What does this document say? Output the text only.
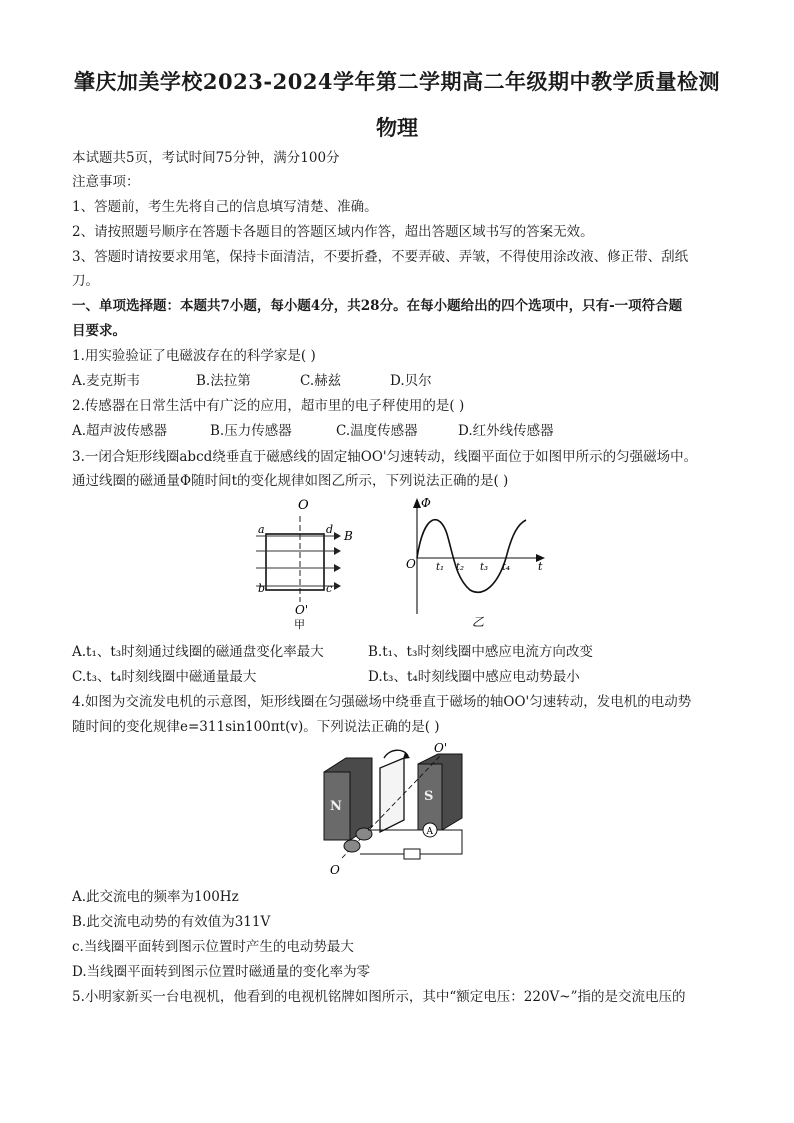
肇庆加美学校2023-2024学年第二学期高二年级期中教学质量检测
物理
本试题共5页，考试时间75分钟，满分100分
注意事项：
1、答题前，考生先将自己的信息填写清楚、准确。
2、请按照题号顺序在答题卡各题目的答题区域内作答，超出答题区域书写的答案无效。
3、答题时请按要求用笔，保持卡面清洁，不要折叠，不要弄破、弄皱，不得使用涂改液、修正带、刮纸
刀。
一、单项选择题：本题共7小题，每小题4分，共28分。在每小题给出的四个选项中，只有-一项符合题
目要求。
1.用实验验证了电磁波存在的科学家是( )
A.麦克斯韦	B.法拉第	C.赫兹	D.贝尔
2.传感器在日常生活中有广泛的应用，超市里的电子秤使用的是( )
A.超声波传感器	B.压力传感器	C.温度传感器	D.红外线传感器
3.一闭合矩形线圈abcd绕垂直于磁感线的固定轴OO'匀速转动，线圈平面位于如图甲所示的匀强磁场中。
通过线圈的磁通量Φ随时间t的变化规律如图乙所示，下列说法正确的是( )
O
B
a	d
b	c
O'
甲
Φ
t
O t₁ t₂ t₃ t₄
乙
A.t₁、t₃时刻通过线圈的磁通盘变化率最大	B.t₁、t₃时刻线圈中感应电流方向改变
C.t₃、t₄时刻线圈中磁通量最大	D.t₃、t₄时刻线圈中感应电动势最小
4.如图为交流发电机的示意图，矩形线圈在匀强磁场中绕垂直于磁场的轴OO'匀速转动，发电机的电动势
随时间的变化规律e=311sin100πt(v)。下列说法正确的是( )
N
S
O'
O
A
A.此交流电的频率为100Hz
B.此交流电动势的有效值为311V
c.当线圈平面转到图示位置时产生的电动势最大
D.当线圈平面转到图示位置时磁通量的变化率为零
5.小明家新买一台电视机，他看到的电视机铭牌如图所示，其中“额定电压：220V~”指的是交流电压的
